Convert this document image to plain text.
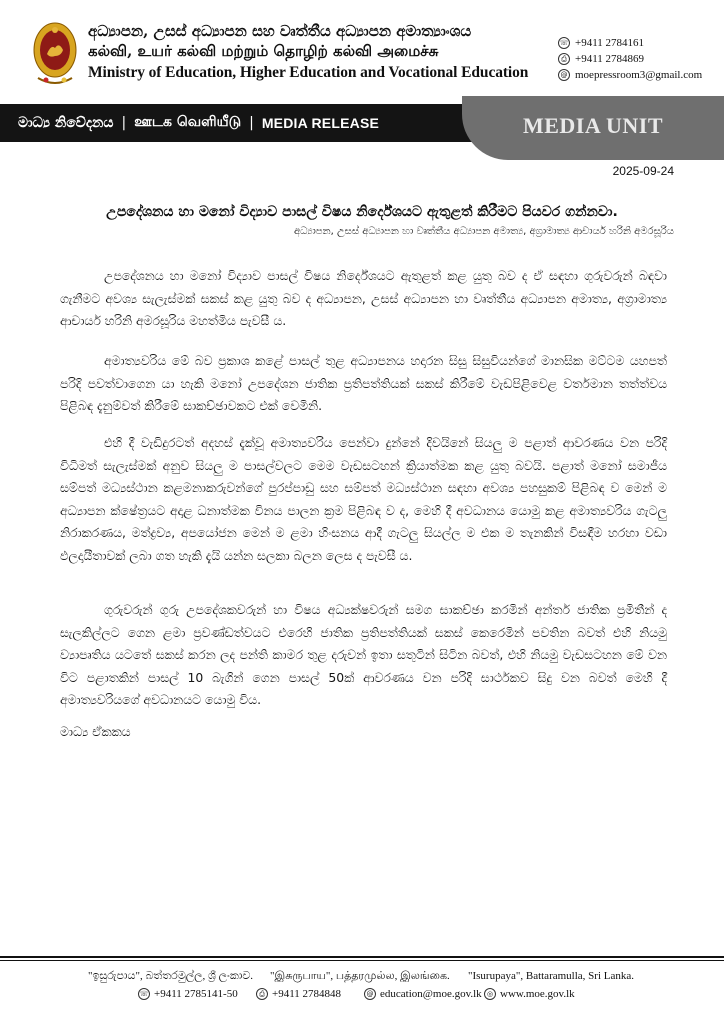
අධ්‍යාපන, උසස් අධ්‍යාපන සහ වෘත්තීය අධ්‍යාපන අමාත්‍යාංශය
கல்வி, உயர் கல்வி மற்றும் தொழிற் கல்வி அமைச்சு
Ministry of Education, Higher Education and Vocational Education
☏ +9411 2784161
⎙ +9411 2784869
@ moepressroom3@gmail.com
මාධ්‍ය නිවේදනය | ஊடக வெளியீடு | MEDIA RELEASE	MEDIA UNIT
2025-09-24
උපදේශනය හා මනෝ විද්‍යාව පාසල් විෂය නිර්දේශයට ඇතුළත් කිරීමට පියවර ගන්නවා.
අධ්‍යාපන, උසස් අධ්‍යාපන හා වෘත්තීය අධ්‍යාපන අමාත්‍ය, අග්‍රාමාත්‍ය ආචාර්ය හරිනි අමරසූරිය
උපදේශනය හා මනෝ විද්‍යාව පාසල් විෂය නිර්දේශයට ඇතුළත් කළ යුතු බව ද ඒ සඳහා ගුරුවරුන් බඳවා ගැනීමට අවශ්‍ය සැලැස්මක් සකස් කළ යුතු බව ද අධ්‍යාපන, උසස් අධ්‍යාපන හා වෘත්තීය අධ්‍යාපන අමාත්‍ය, අග්‍රාමාත්‍ය ආචාර්ය හරිනි අමරසූරිය මහත්මිය පැවසී ය.
අමාත්‍යවරිය මේ බව ප්‍රකාශ කළේ පාසල් තුළ අධ්‍යාපනය හදාරන සිසු සිසුවියන්ගේ මානසික මට්ටම යහපත් පරිදි පවත්වාගෙන යා හැකි මනෝ උපදේශන ජාතික ප්‍රතිපත්තියක් සකස් කිරීමේ වැඩපිළිවෙළ වර්තමාන තත්ත්වය පිළිබඳ දැනුම්වත් කිරීමේ සාකච්ඡාවකට එක් වෙමිනි.
එහි දී වැඩිදුරටත් අදහස් දැක්වූ අමාත්‍යවරිය පෙන්වා දුන්නේ දිවයිනේ සියලු ම පළාත් ආවරණය වන පරිදි විධිමත් සැලැස්මක් අනුව සියලු ම පාසල්වලට මෙම වැඩසටහන් ක්‍රියාත්මක කළ යුතු බවයි. පළාත් මනෝ සමාජීය සම්පත් මධ්‍යස්ථාන කළමනාකරුවන්ගේ පුරප්පාඩු සහ සම්පත් මධ්‍යස්ථාන සඳහා අවශ්‍ය පහසුකම් පිළිබඳ ව මෙන් ම අධ්‍යාපන ක්ෂේත්‍රයට අදාළ ධනාත්මක විනය පාලන ක්‍රම පිළිබඳ ව ද, මෙහි දී අවධානය යොමු කළ අමාත්‍යවරිය ගැටලු නිරාකරණය, මත්ද්‍රව්‍ය, අපයෝජන මෙන් ම ළමා හිංසනය ආදී ගැටලු සියල්ල ම එක ම තැනකින් විසඳීම හරහා වඩා ඵලදායීතාවක් ලබා ගත හැකි දැයි යන්න සලකා බලන ලෙස ද පැවසී ය.
ගුරුවරුන් ගුරු උපදේශකවරුන් හා විෂය අධ්‍යක්ෂවරුන් සමග සාකච්ඡා කරමින් අන්තර් ජාතික ප්‍රමිතීන් ද සැලකිල්ලට ගෙන ළමා ප්‍රවණ්ඩත්වයට එරෙහි ජාතික ප්‍රතිපත්තියක් සකස් කෙරෙමින් පවතින බවත් එහි නියමු ව්‍යාපෘතිය යටතේ සකස් කරන ලද පන්ති කාමර තුළ දරුවන් ඉතා සතුටින් සිටින බවත්, එහි නියමු වැඩසටහන මේ වන විට පළාතකින් පාසල් 10 බැගින් ගෙන පාසල් 50ක් ආවරණය වන පරිදි සාර්ථකව සිදු වන බවත් මෙහි දී අමාත්‍යවරියගේ අවධානයට යොමු විය.
මාධ්‍ය ඒකකය
"ඉසුරුපාය", බත්තරමුල්ල, ශ්‍රී ලංකාව. "இசுருபாய", பத்தரமுல்ல, இலங்கை. "Isurupaya", Battaramulla, Sri Lanka.
☏ +9411 2785141-50	⎙ +9411 2784848	@ education@moe.gov.lk ◎ www.moe.gov.lk
